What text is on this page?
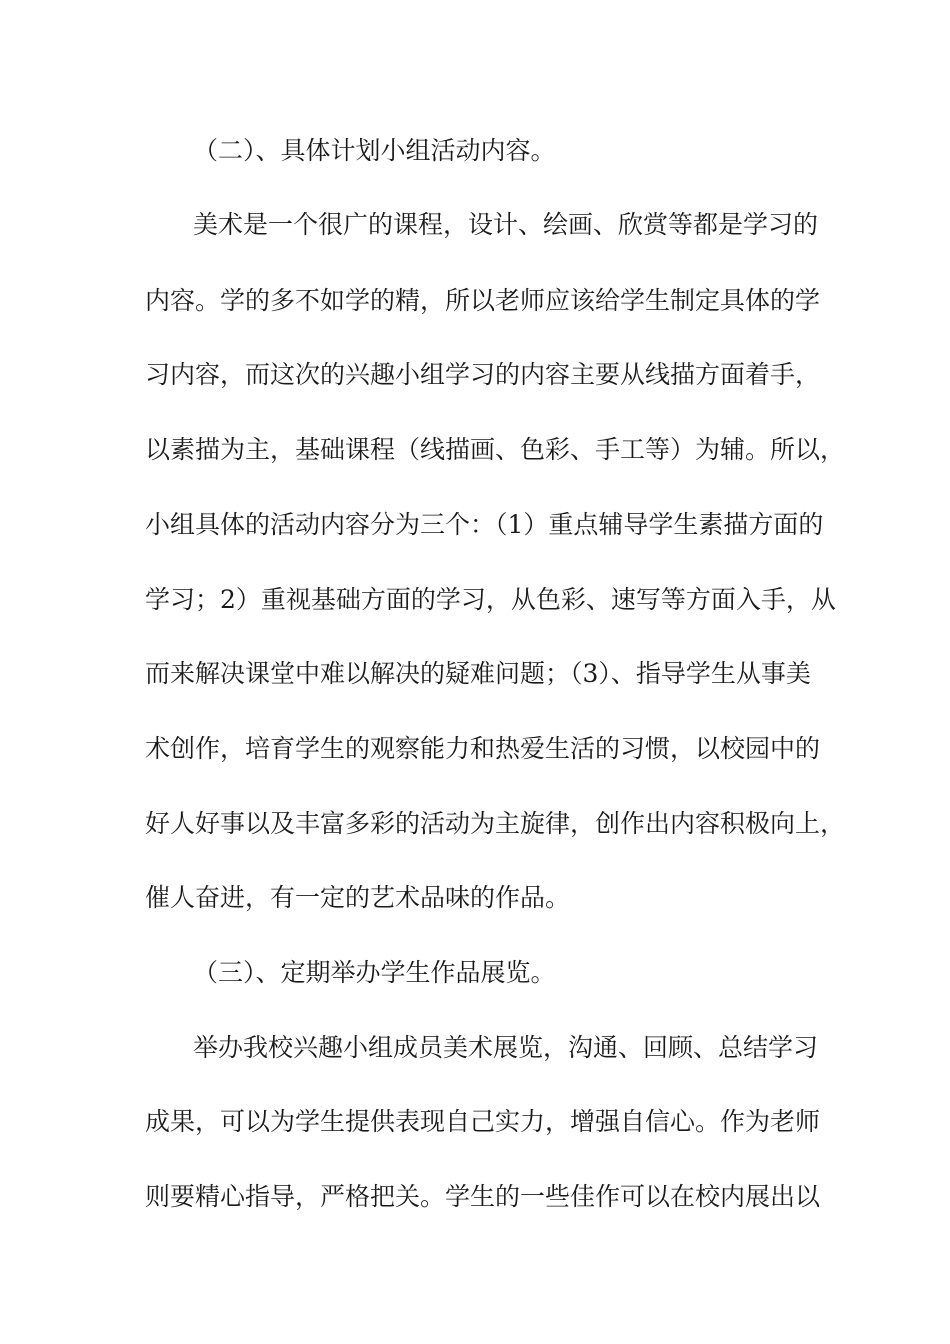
（二）、具体计划小组活动内容。
美术是一个很广的课程，设计、绘画、欣赏等都是学习的
内容。学的多不如学的精，所以老师应该给学生制定具体的学
习内容，而这次的兴趣小组学习的内容主要从线描方面着手，
以素描为主，基础课程（线描画、色彩、手工等）为辅。所以，
小组具体的活动内容分为三个：（1）重点辅导学生素描方面的
学习；2）重视基础方面的学习，从色彩、速写等方面入手，从
而来解决课堂中难以解决的疑难问题；（3）、指导学生从事美
术创作，培育学生的观察能力和热爱生活的习惯，以校园中的
好人好事以及丰富多彩的活动为主旋律，创作出内容积极向上，
催人奋进，有一定的艺术品味的作品。
（三）、定期举办学生作品展览。
举办我校兴趣小组成员美术展览，沟通、回顾、总结学习
成果，可以为学生提供表现自己实力，增强自信心。作为老师
则要精心指导，严格把关。学生的一些佳作可以在校内展出以
